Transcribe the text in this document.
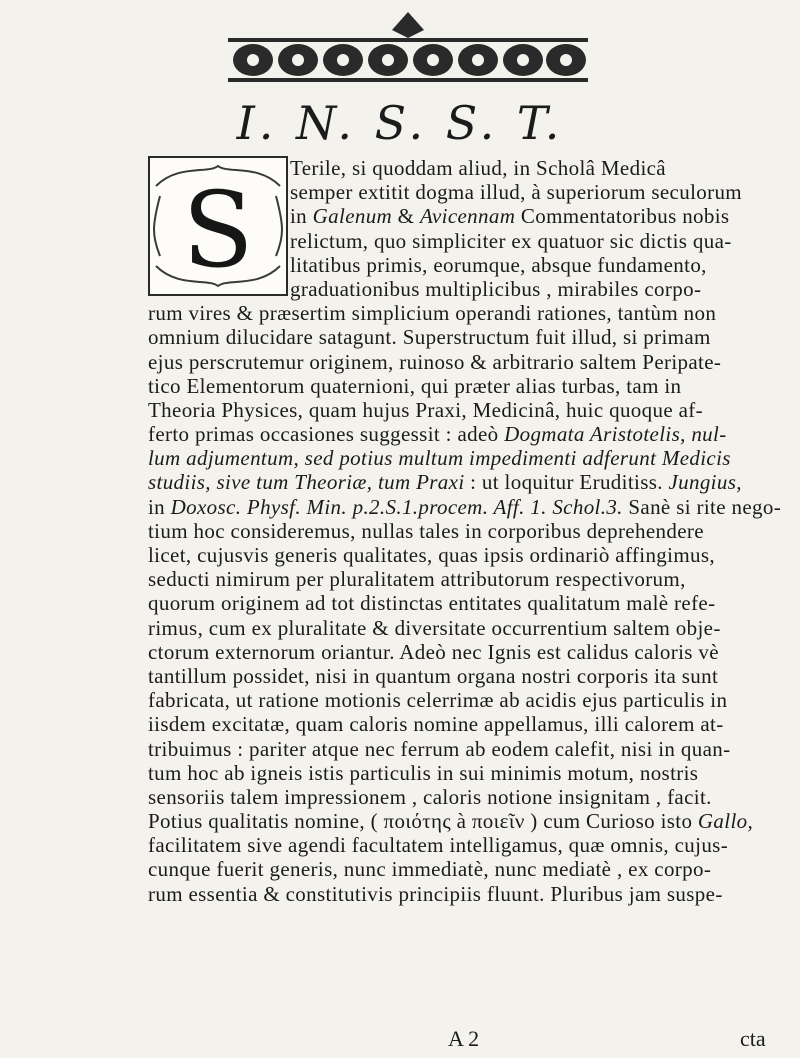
I. N. S. S. T.
S
Terile, si quoddam aliud, in Scholâ Medicâ
semper extitit dogma illud, à superiorum seculorum
in Galenum & Avicennam Commentatoribus nobis
relictum, quo simpliciter ex quatuor sic dictis qua-
litatibus primis, eorumque, absque fundamento,
graduationibus multiplicibus , mirabiles corpo-
rum vires & præsertim simplicium operandi rationes, tantùm non
omnium dilucidare satagunt. Superstructum fuit illud, si primam
ejus perscrutemur originem, ruinoso & arbitrario saltem Peripate-
tico Elementorum quaternioni, qui præter alias turbas, tam in
Theoria Physices, quam hujus Praxi, Medicinâ, huic quoque af-
ferto primas occasiones suggessit : adeò Dogmata Aristotelis, nul-
lum adjumentum, sed potius multum impedimenti adferunt Medicis
studiis, sive tum Theoriæ, tum Praxi : ut loquitur Eruditiss. Jungius,
in Doxosc. Physf. Min. p.2.S.1.procem. Aff. 1. Schol.3. Sanè si rite nego-
tium hoc consideremus, nullas tales in corporibus deprehendere
licet, cujusvis generis qualitates, quas ipsis ordinariò affingimus,
seducti nimirum per pluralitatem attributorum respectivorum,
quorum originem ad tot distinctas entitates qualitatum malè refe-
rimus, cum ex pluralitate & diversitate occurrentium saltem obje-
ctorum externorum oriantur. Adeò nec Ignis est calidus caloris vè
tantillum possidet, nisi in quantum organa nostri corporis ita sunt
fabricata, ut ratione motionis celerrimæ ab acidis ejus particulis in
iisdem excitatæ, quam caloris nomine appellamus, illi calorem at-
tribuimus : pariter atque nec ferrum ab eodem calefit, nisi in quan-
tum hoc ab igneis istis particulis in sui minimis motum, nostris
sensoriis talem impressionem , caloris notione insignitam , facit.
Potius qualitatis nomine, ( ποιότης à ποιεῖν ) cum Curioso isto Gallo,
facilitatem sive agendi facultatem intelligamus, quæ omnis, cujus-
cunque fuerit generis, nunc immediatè, nunc mediatè , ex corpo-
rum essentia & constitutivis principiis fluunt. Pluribus jam suspe-
A 2	cta
